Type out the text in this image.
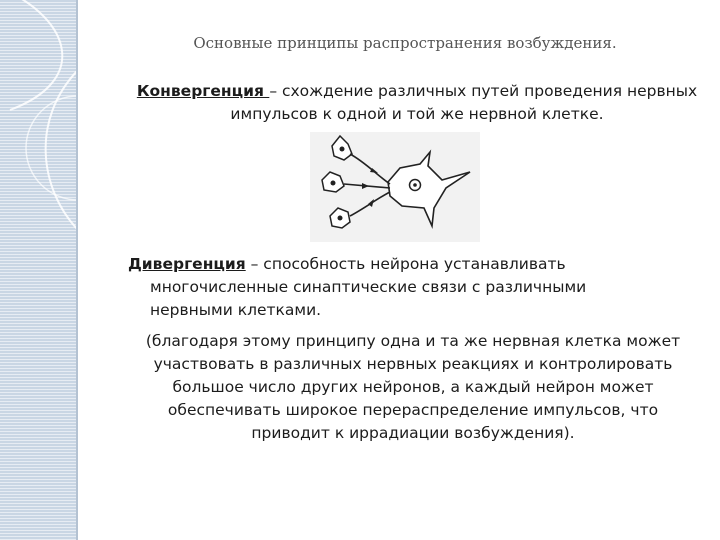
Основные принципы распространения возбуждения.
Конвергенция – схождение различных путей проведения нервных импульсов к одной и той же нервной клетке.
Дивергенция – способность нейрона устанавливать
многочисленные синаптические связи с различными нервными клетками.
(благодаря этому принципу одна и та же нервная клетка может участвовать в различных нервных реакциях и контролировать большое число других нейронов, а каждый нейрон может обеспечивать широкое перераспределение импульсов, что приводит к иррадиации возбуждения).
